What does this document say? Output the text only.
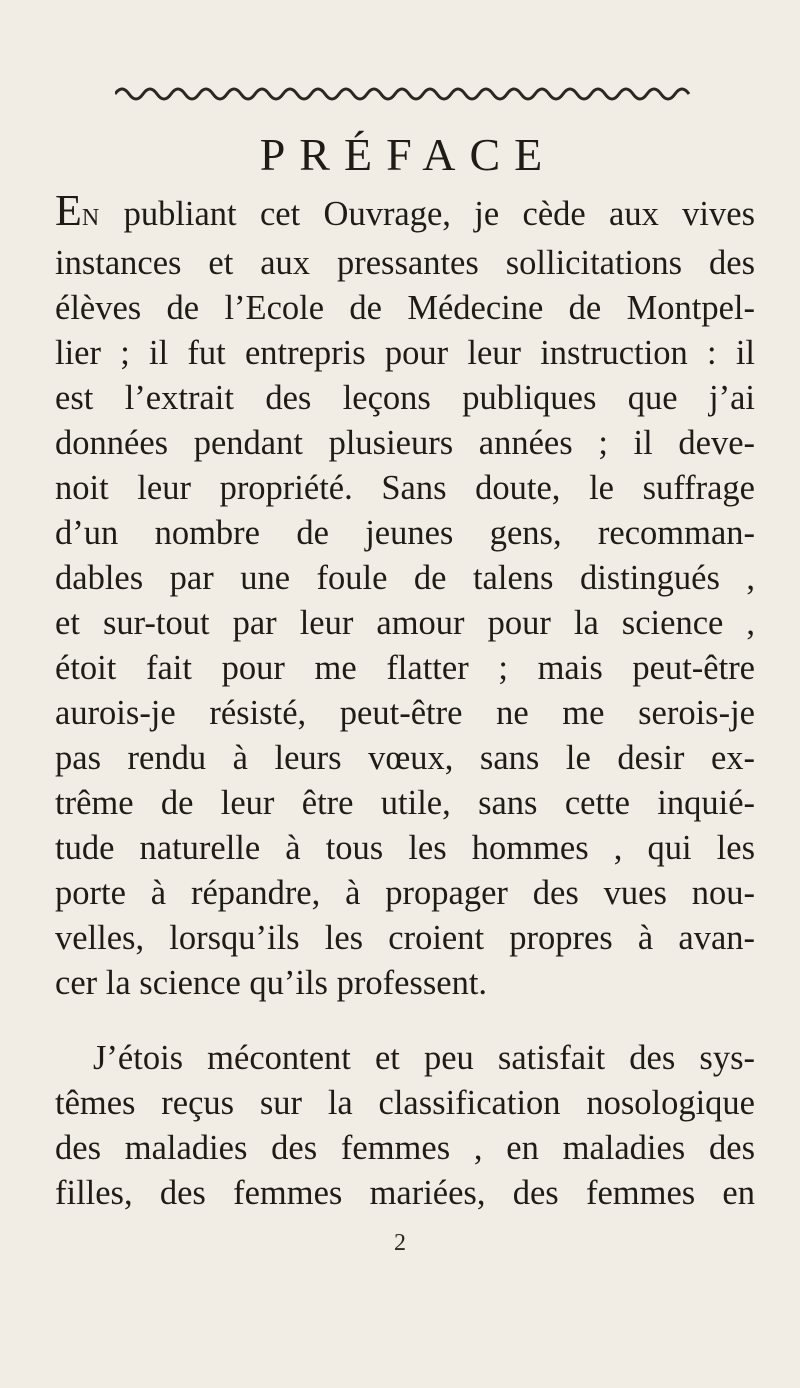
PRÉFACE
EN publiant cet Ouvrage, je cède aux vives
instances et aux pressantes sollicitations des
élèves de l’Ecole de Médecine de Montpel-
lier ; il fut entrepris pour leur instruction : il
est l’extrait des leçons publiques que j’ai
données pendant plusieurs années ; il deve-
noit leur propriété. Sans doute, le suffrage
d’un nombre de jeunes gens, recomman-
dables par une foule de talens distingués ,
et sur-tout par leur amour pour la science ,
étoit fait pour me flatter ; mais peut-être
aurois-je résisté, peut-être ne me serois-je
pas rendu à leurs vœux, sans le desir ex-
trême de leur être utile, sans cette inquié-
tude naturelle à tous les hommes , qui les
porte à répandre, à propager des vues nou-
velles, lorsqu’ils les croient propres à avan-
cer la science qu’ils professent.
J’étois mécontent et peu satisfait des sys-
têmes reçus sur la classification nosologique
des maladies des femmes , en maladies des
filles, des femmes mariées, des femmes en
2
